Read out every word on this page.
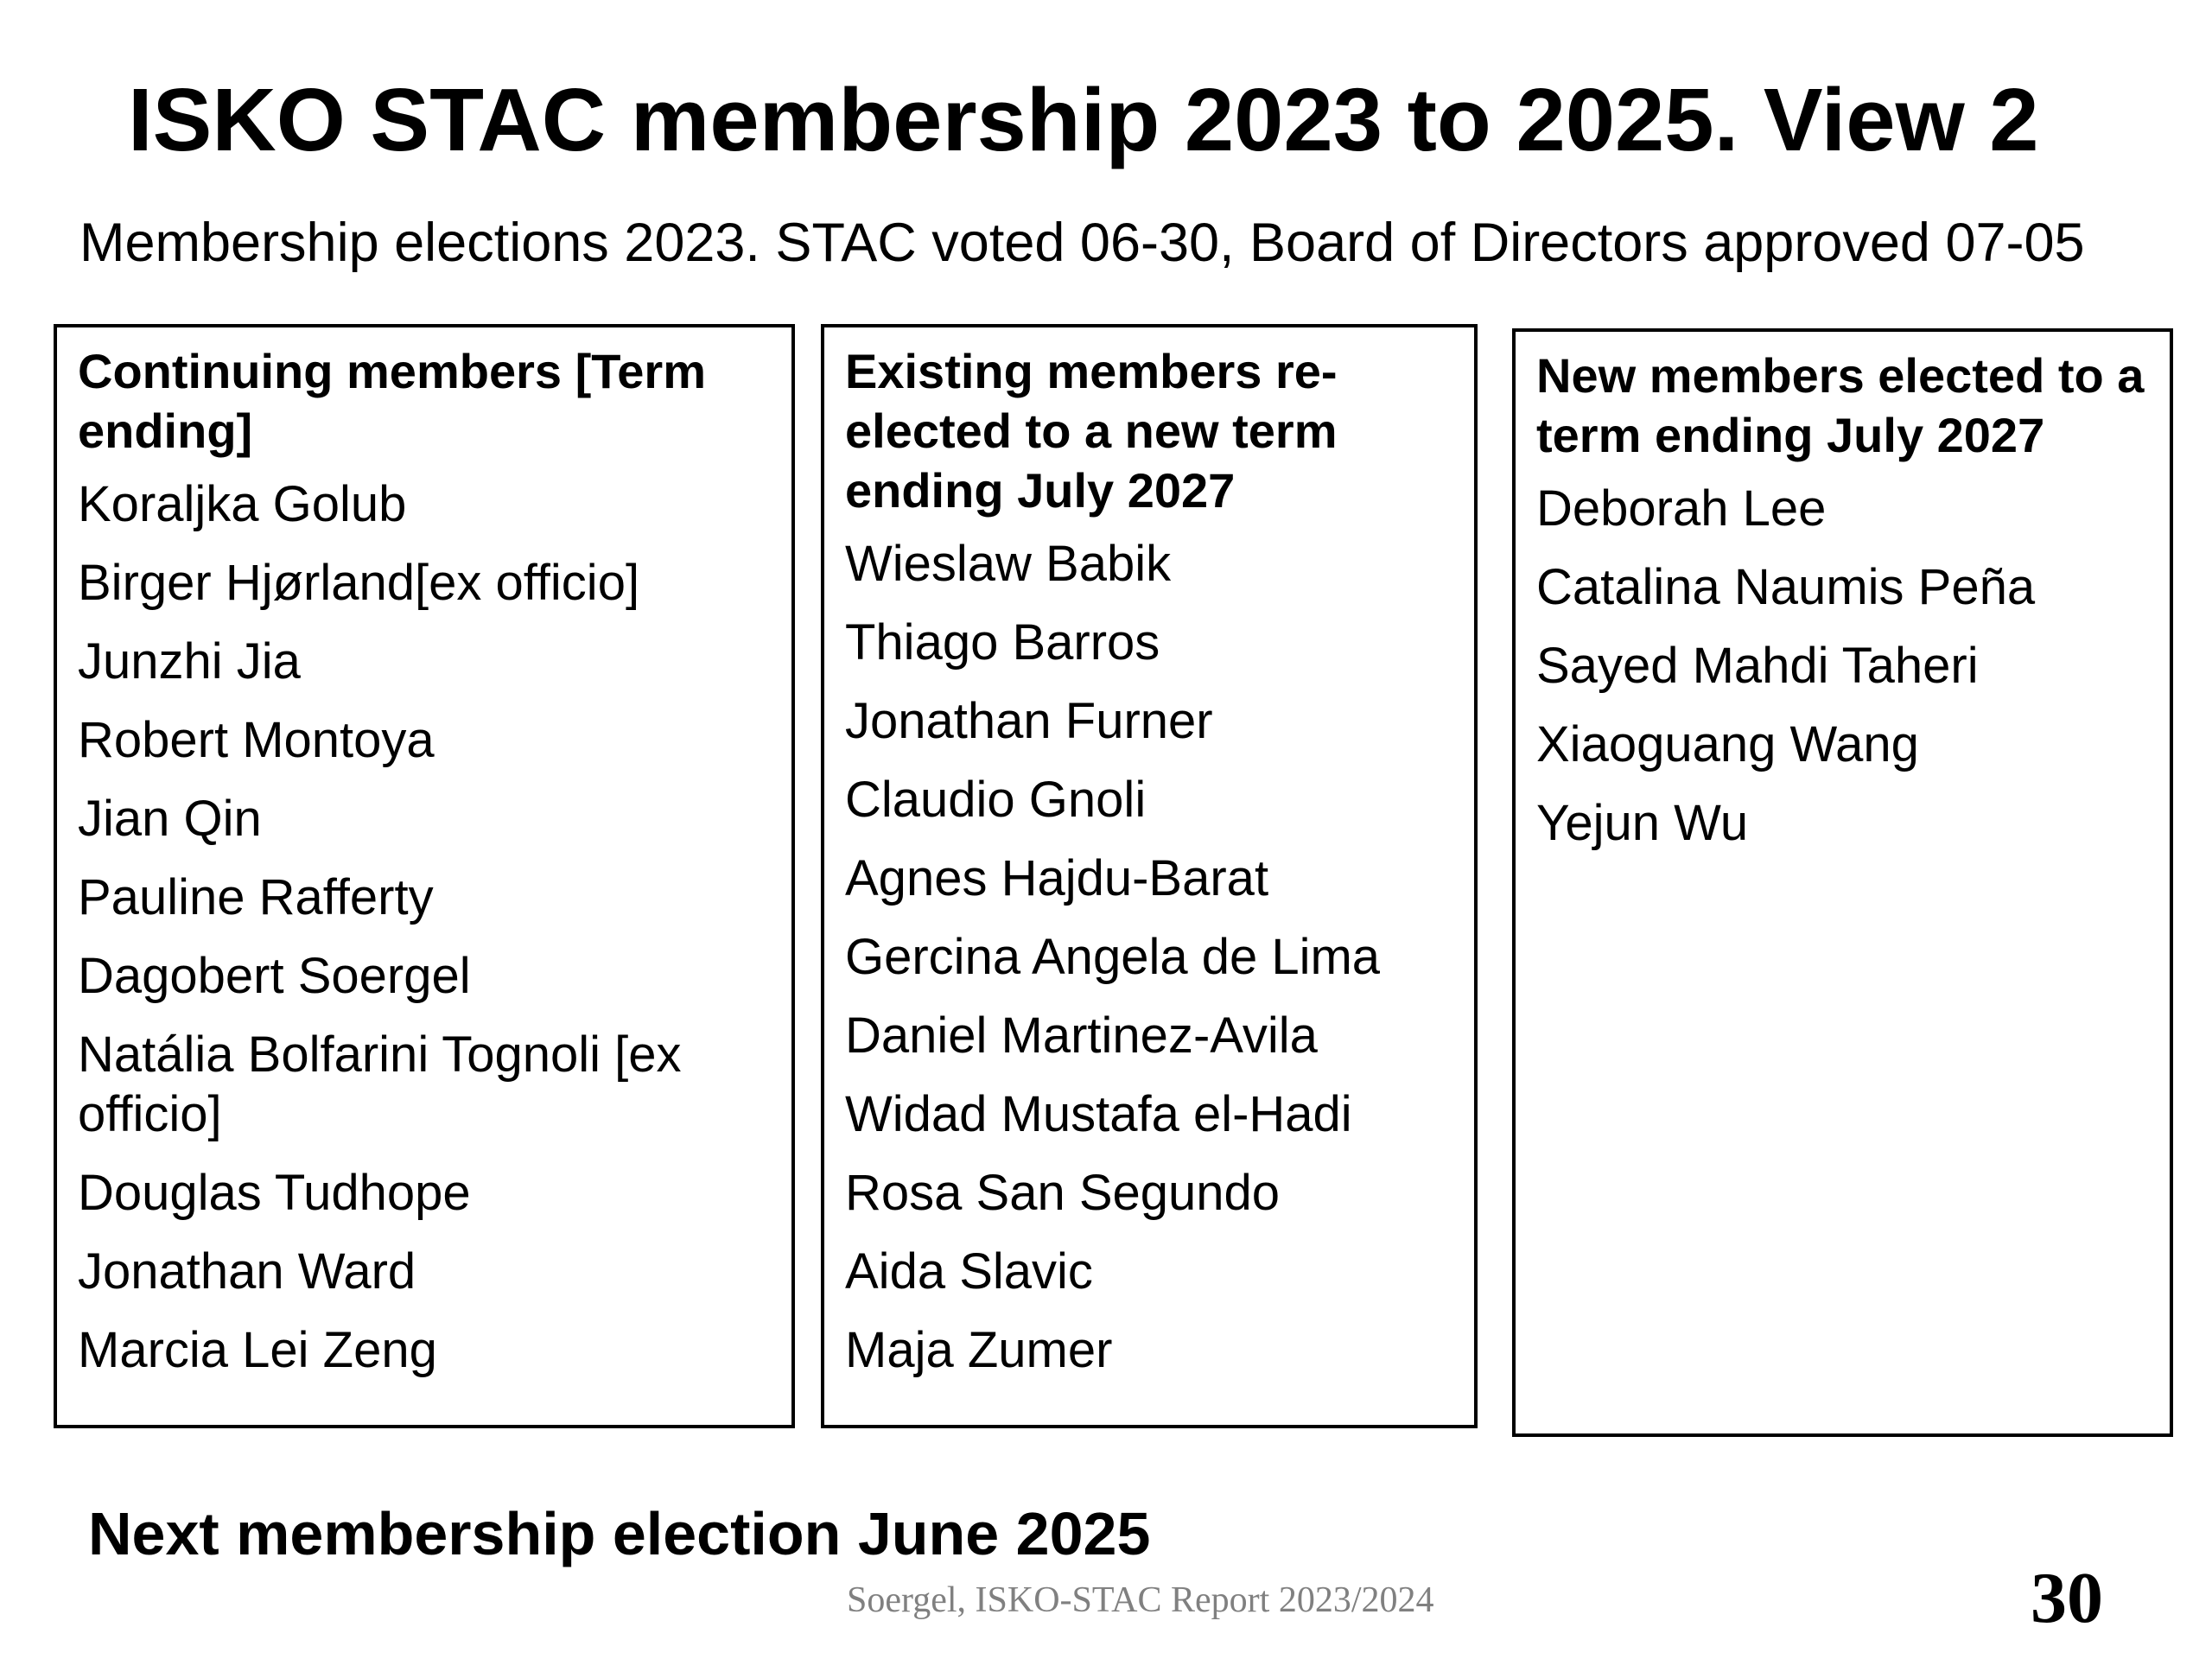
ISKO STAC membership 2023 to 2025. View 2
Membership elections 2023. STAC voted 06-30, Board of Directors approved 07-05
Continuing members [Term ending]
Koraljka Golub
Birger Hjørland[ex officio]
Junzhi Jia
Robert Montoya
Jian Qin
Pauline Rafferty
Dagobert Soergel
Natália Bolfarini Tognoli [ex officio]
Douglas Tudhope
Jonathan Ward
Marcia Lei Zeng
Existing members re-elected to a new term ending July 2027
Wieslaw Babik
Thiago Barros
Jonathan Furner
Claudio Gnoli
Agnes Hajdu-Barat
Gercina Angela de Lima
Daniel Martinez-Avila
Widad Mustafa el-Hadi
Rosa San Segundo
Aida Slavic
Maja Zumer
New members elected to a term ending July 2027
Deborah Lee
Catalina Naumis Peña
Sayed Mahdi Taheri
Xiaoguang Wang
Yejun Wu
Next membership election June 2025
Soergel, ISKO-STAC Report 2023/2024	30
